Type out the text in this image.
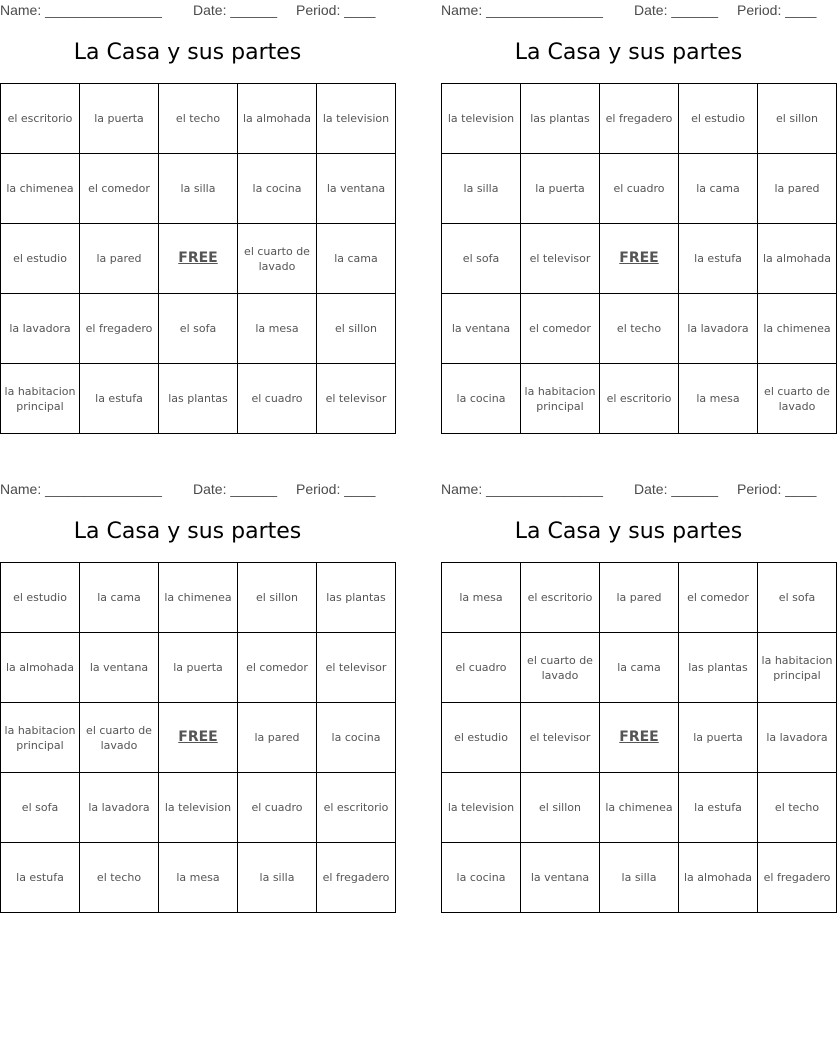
Name: _______________ Date: ______ Period: ____
La Casa y sus partes
el escritorio	la puerta	el techo	la almohada	la television
la chimenea	el comedor	la silla	la cocina	la ventana
el estudio	la pared	FREE	el cuarto de lavado	la cama
la lavadora	el fregadero	el sofa	la mesa	el sillon
la habitacion principal	la estufa	las plantas	el cuadro	el televisor
Name: _______________ Date: ______ Period: ____
La Casa y sus partes
la television	las plantas	el fregadero	el estudio	el sillon
la silla	la puerta	el cuadro	la cama	la pared
el sofa	el televisor	FREE	la estufa	la almohada
la ventana	el comedor	el techo	la lavadora	la chimenea
la cocina	la habitacion principal	el escritorio	la mesa	el cuarto de lavado
Name: _______________ Date: ______ Period: ____
La Casa y sus partes
el estudio	la cama	la chimenea	el sillon	las plantas
la almohada	la ventana	la puerta	el comedor	el televisor
la habitacion principal	el cuarto de lavado	FREE	la pared	la cocina
el sofa	la lavadora	la television	el cuadro	el escritorio
la estufa	el techo	la mesa	la silla	el fregadero
Name: _______________ Date: ______ Period: ____
La Casa y sus partes
la mesa	el escritorio	la pared	el comedor	el sofa
el cuadro	el cuarto de lavado	la cama	las plantas	la habitacion principal
el estudio	el televisor	FREE	la puerta	la lavadora
la television	el sillon	la chimenea	la estufa	el techo
la cocina	la ventana	la silla	la almohada	el fregadero
